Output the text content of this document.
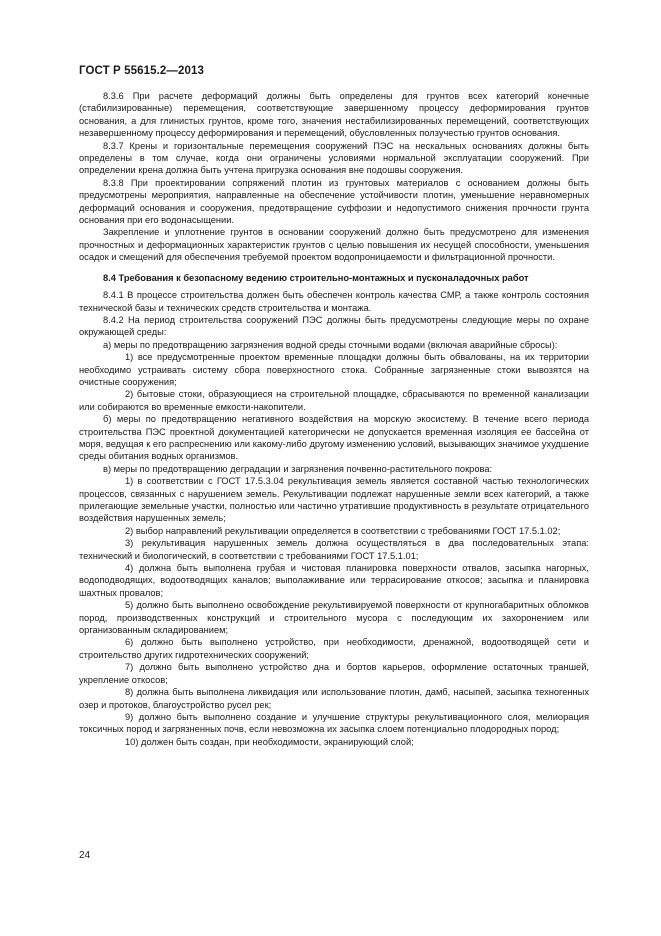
ГОСТ Р 55615.2—2013

8.3.6 При расчете деформаций должны быть определены для грунтов всех категорий конечные (стабилизированные) перемещения, соответствующие завершенному процессу деформирования грунтов основания, а для глинистых грунтов, кроме того, значения нестабилизированных перемещений, соответствующих незавершенному процессу деформирования и перемещений, обусловленных ползучестью грунтов основания.

8.3.7 Крены и горизонтальные перемещения сооружений ПЭС на нескальных основаниях должны быть определены в том случае, когда они ограничены условиями нормальной эксплуатации сооружений. При определении крена должна быть учтена пригрузка основания вне подошвы сооружения.

8.3.8 При проектировании сопряжений плотин из грунтовых материалов с основанием должны быть предусмотрены мероприятия, направленные на обеспечение устойчивости плотин, уменьшение неравномерных деформаций основания и сооружения, предотвращение суффозии и недопустимого снижения прочности грунта основания при его водонасыщении.

Закрепление и уплотнение грунтов в основании сооружений должно быть предусмотрено для изменения прочностных и деформационных характеристик грунтов с целью повышения их несущей способности, уменьшения осадок и смещений для обеспечения требуемой проектом водопроницаемости и фильтрационной прочности.

8.4 Требования к безопасному ведению строительно-монтажных и пусконаладочных работ

8.4.1 В процессе строительства должен быть обеспечен контроль качества СМР, а также контроль состояния технической базы и технических средств строительства и монтажа.

8.4.2 На период строительства сооружений ПЭС должны быть предусмотрены следующие меры по охране окружающей среды:

а) меры по предотвращению загрязнения водной среды сточными водами (включая аварийные сбросы):

1) все предусмотренные проектом временные площадки должны быть обвалованы, на их территории необходимо устраивать систему сбора поверхностного стока. Собранные загрязненные стоки вывозятся на очистные сооружения;

2) бытовые стоки, образующиеся на строительной площадке, сбрасываются по временной канализации или собираются во временные емкости-накопители.

б) меры по предотвращению негативного воздействия на морскую экосистему. В течение всего периода строительства ПЭС проектной документацией категорически не допускается временная изоляция ее бассейна от моря, ведущая к его распреснению или какому-либо другому изменению условий, вызывающих значимое ухудшение среды обитания водных организмов.

в) меры по предотвращению деградации и загрязнения почвенно-растительного покрова:

1) в соответствии с ГОСТ 17.5.3.04 рекультивация земель является составной частью технологических процессов, связанных с нарушением земель. Рекультивации подлежат нарушенные земли всех категорий, а также прилегающие земельные участки, полностью или частично утратившие продуктивность в результате отрицательного воздействия нарушенных земель;

2) выбор направлений рекультивации определяется в соответствии с требованиями ГОСТ 17.5.1.02;

3) рекультивация нарушенных земель должна осуществляться в два последовательных этапа: технический и биологический, в соответствии с требованиями ГОСТ 17.5.1.01;

4) должна быть выполнена грубая и чистовая планировка поверхности отвалов, засыпка нагорных, водоподводящих, водоотводящих каналов; выполаживание или террасирование откосов; засыпка и планировка шахтных провалов;

5) должно быть выполнено освобождение рекультивируемой поверхности от крупногабаритных обломков пород, производственных конструкций и строительного мусора с последующим их захоронением или организованным складированием;

6) должно быть выполнено устройство, при необходимости, дренажной, водоотводящей сети и строительство других гидротехнических сооружений;

7) должно быть выполнено устройство дна и бортов карьеров, оформление остаточных траншей, укрепление откосов;

8) должна быть выполнена ликвидация или использование плотин, дамб, насыпей, засыпка техногенных озер и протоков, благоустройство русел рек;

9) должно быть выполнено создание и улучшение структуры рекультивационного слоя, мелиорация токсичных пород и загрязненных почв, если невозможна их засыпка слоем потенциально плодородных пород;

10) должен быть создан, при необходимости, экранирующий слой;

24
